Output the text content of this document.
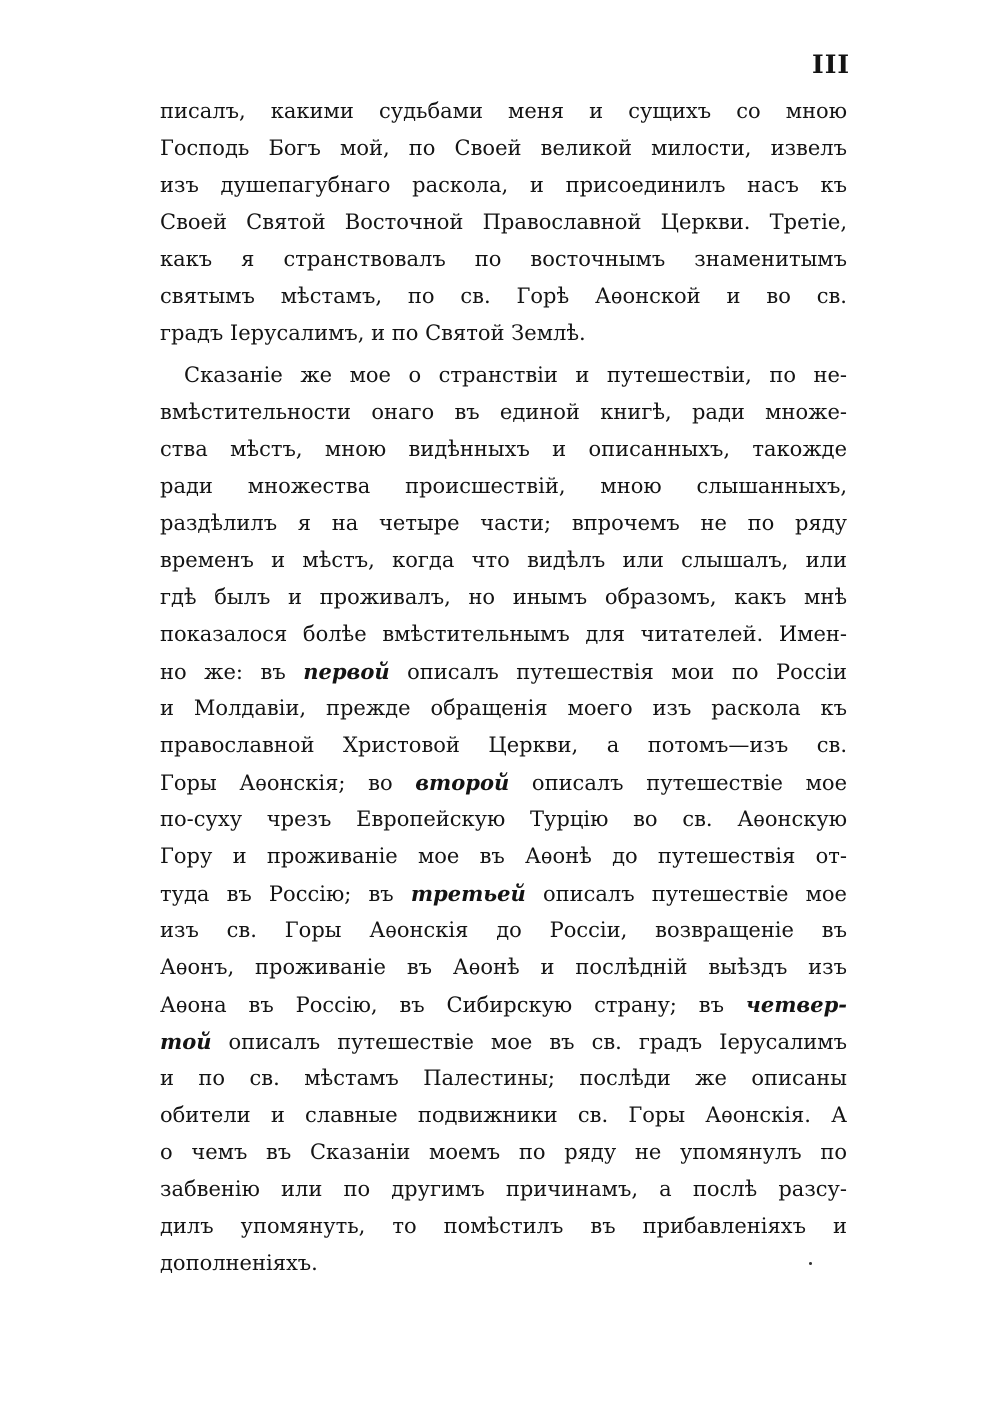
III
писалъ, какими судьбами меня и сущихъ со мною
Господь Богъ мой, по Своей великой милости, извелъ
изъ душепагубнаго раскола, и присоединилъ насъ къ
Своей Святой Восточной Православной Церкви. Третіе,
какъ я странствовалъ по восточнымъ знаменитымъ
святымъ мѣстамъ, по св. Горѣ Аѳонской и во св.
градъ Іерусалимъ, и по Святой Землѣ.
Сказаніе же мое о странствіи и путешествіи, по не-
вмѣстительности онаго въ единой книгѣ, ради множе-
ства мѣстъ, мною видѣнныхъ и описанныхъ, такожде
ради множества происшествій, мною слышанныхъ,
раздѣлилъ я на четыре части; впрочемъ не по ряду
временъ и мѣстъ, когда что видѣлъ или слышалъ, или
гдѣ былъ и проживалъ, но инымъ образомъ, какъ мнѣ
показалося болѣе вмѣстительнымъ для читателей. Имен-
но же: въ первой описалъ путешествія мои по Россіи
и Молдавіи, прежде обращенія моего изъ раскола къ
православной Христовой Церкви, а потомъ—изъ св.
Горы Аѳонскія; во второй описалъ путешествіе мое
по-суху чрезъ Европейскую Турцію во св. Аѳонскую
Гору и проживаніе мое въ Аѳонѣ до путешествія от-
туда въ Россію; въ третьей описалъ путешествіе мое
изъ св. Горы Аѳонскія до Россіи, возвращеніе въ
Аѳонъ, проживаніе въ Аѳонѣ и послѣдній выѣздъ изъ
Аѳона въ Россію, въ Сибирскую страну; въ четвер-
той описалъ путешествіе мое въ св. градъ Іерусалимъ
и по св. мѣстамъ Палестины; послѣди же описаны
обители и славные подвижники св. Горы Аѳонскія. А
о чемъ въ Сказаніи моемъ по ряду не упомянулъ по
забвенію или по другимъ причинамъ, а послѣ разсу-
дилъ упомянуть, то помѣстилъ въ прибавленіяхъ и
дополненіяхъ.
